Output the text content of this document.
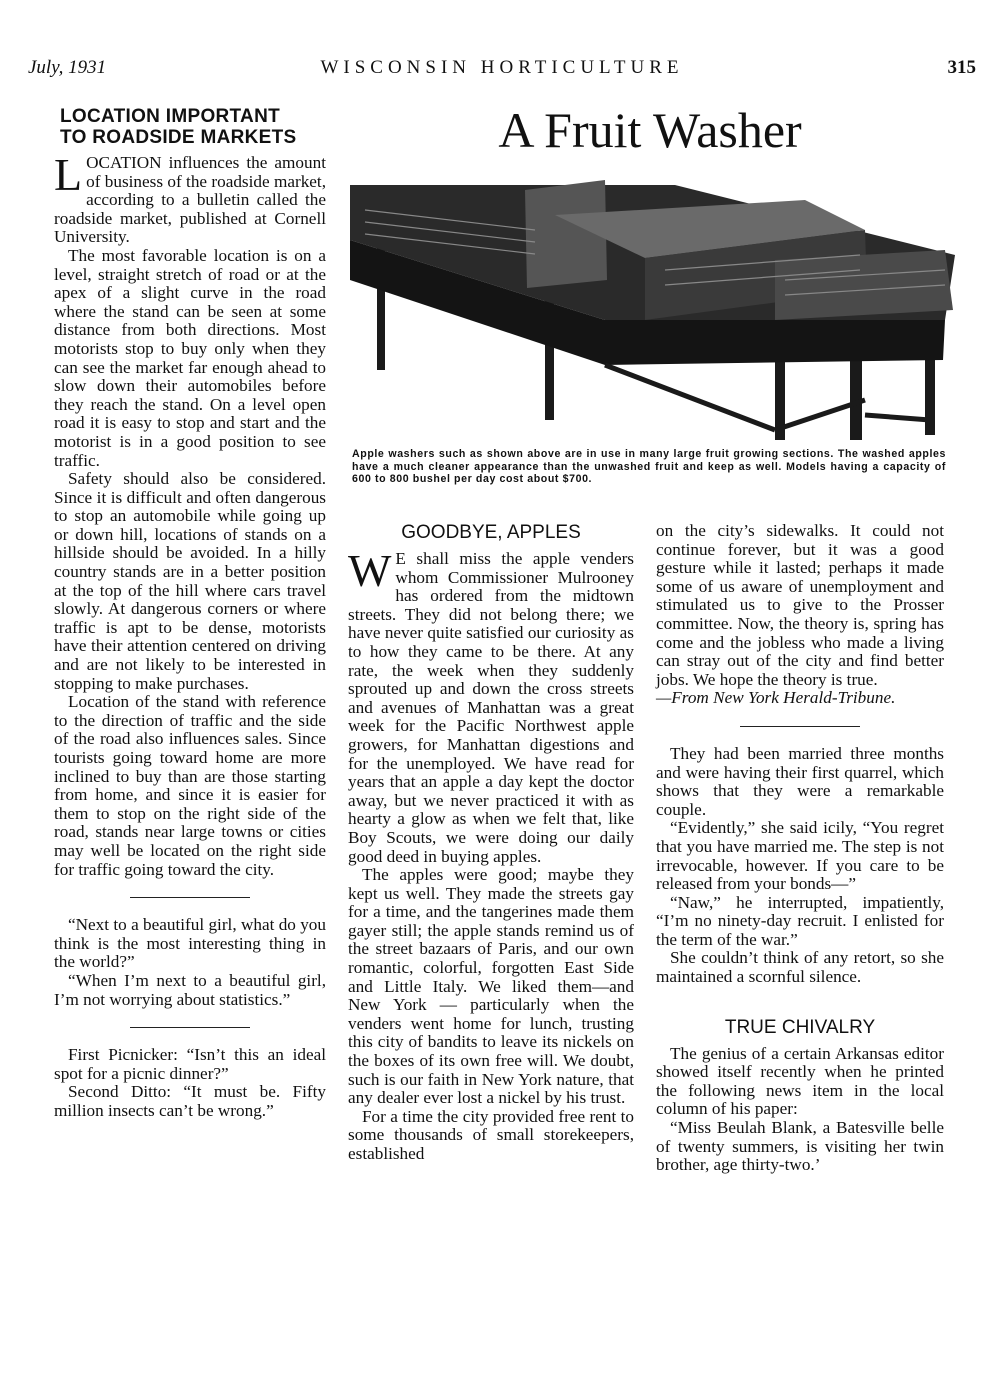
July, 1931	WISCONSIN HORTICULTURE	315
LOCATION IMPORTANT
TO ROADSIDE MARKETS

LOCATION influences the amount of business of the roadside market, according to a bulletin called the roadside market, published at Cornell University.

The most favorable location is on a level, straight stretch of road or at the apex of a slight curve in the road where the stand can be seen at some distance from both directions. Most motorists stop to buy only when they can see the market far enough ahead to slow down their automobiles before they reach the stand. On a level open road it is easy to stop and start and the motorist is in a good position to see traffic.

Safety should also be considered. Since it is difficult and often dangerous to stop an automobile while going up or down hill, locations of stands on a hillside should be avoided. In a hilly country stands are in a better position at the top of the hill where cars travel slowly. At dangerous corners or where traffic is apt to be dense, motorists have their attention centered on driving and are not likely to be interested in stopping to make purchases.

Location of the stand with reference to the direction of traffic and the side of the road also influences sales. Since tourists going toward home are more inclined to buy than are those starting from home, and since it is easier for them to stop on the right side of the road, stands near large towns or cities may well be located on the right side for traffic going toward the city.

“Next to a beautiful girl, what do you think is the most interesting thing in the world?”

“When I’m next to a beautiful girl, I’m not worrying about statistics.”

First Picnicker: “Isn’t this an ideal spot for a picnic dinner?”

Second Ditto: “It must be. Fifty million insects can’t be wrong.”

A Fruit Washer
Apple washers such as shown above are in use in many large fruit growing sections. The washed apples have a much cleaner appearance than the unwashed fruit and keep as well. Models having a capacity of 600 to 800 bushel per day cost about $700.
GOODBYE, APPLES

W E shall miss the apple venders whom Commissioner Mulrooney has ordered from the midtown streets. They did not belong there; we have never quite satisfied our curiosity as to how they came to be there. At any rate, the week when they suddenly sprouted up and down the cross streets and avenues of Manhattan was a great week for the Pacific Northwest apple growers, for Manhattan digestions and for the unemployed. We have read for years that an apple a day kept the doctor away, but we never practiced it with as hearty a glow as when we felt that, like Boy Scouts, we were doing our daily good deed in buying apples.

The apples were good; maybe they kept us well. They made the streets gay for a time, and the tangerines made them gayer still; the apple stands remind us of the street bazaars of Paris, and our own romantic, colorful, forgotten East Side and Little Italy. We liked them—and New York — particularly when the venders went home for lunch, trusting this city of bandits to leave its nickels on the boxes of its own free will. We doubt, such is our faith in New York nature, that any dealer ever lost a nickel by his trust.

For a time the city provided free rent to some thousands of small storekeepers, established

on the city’s sidewalks. It could not continue forever, but it was a good gesture while it lasted; perhaps it made some of us aware of unemployment and stimulated us to give to the Prosser committee. Now, the theory is, spring has come and the jobless who made a living can stray out of the city and find better jobs. We hope the theory is true.

—From New York Herald-Tribune.

They had been married three months and were having their first quarrel, which shows that they were a remarkable couple.

“Evidently,” she said icily, “You regret that you have married me. The step is not irrevocable, however. If you care to be released from your bonds—”

“Naw,” he interrupted, impatiently, “I’m no ninety-day recruit. I enlisted for the term of the war.”

She couldn’t think of any retort, so she maintained a scornful silence.

TRUE CHIVALRY

The genius of a certain Arkansas editor showed itself recently when he printed the following news item in the local column of his paper:

“Miss Beulah Blank, a Batesville belle of twenty summers, is visiting her twin brother, age thirty-two.’
